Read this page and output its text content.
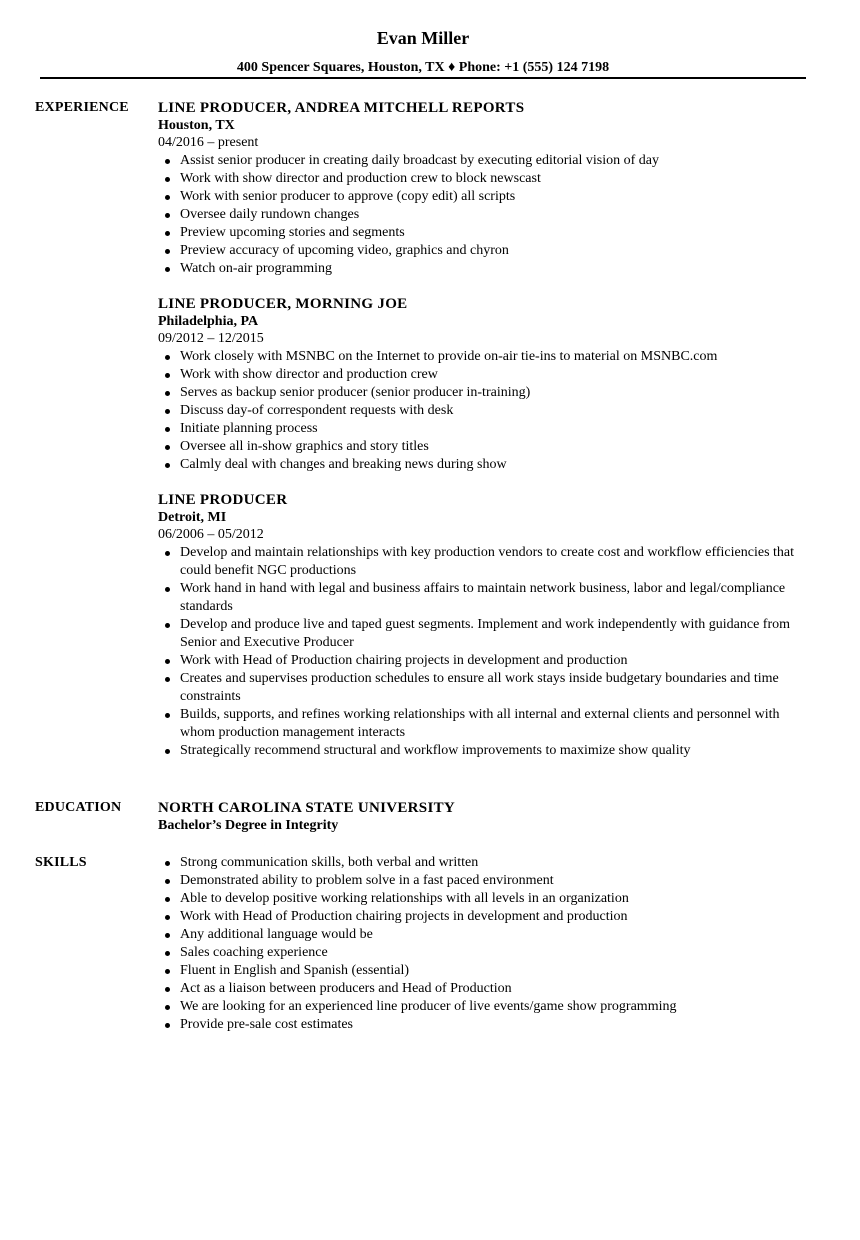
Evan Miller
400 Spencer Squares, Houston, TX ♦ Phone: +1 (555) 124 7198
EXPERIENCE LINE PRODUCER, ANDREA MITCHELL REPORTS
Houston, TX
04/2016 – present
Assist senior producer in creating daily broadcast by executing editorial vision of day
Work with show director and production crew to block newscast
Work with senior producer to approve (copy edit) all scripts
Oversee daily rundown changes
Preview upcoming stories and segments
Preview accuracy of upcoming video, graphics and chyron
Watch on-air programming
LINE PRODUCER, MORNING JOE
Philadelphia, PA
09/2012 – 12/2015
Work closely with MSNBC on the Internet to provide on-air tie-ins to material on MSNBC.com
Work with show director and production crew
Serves as backup senior producer (senior producer in-training)
Discuss day-of correspondent requests with desk
Initiate planning process
Oversee all in-show graphics and story titles
Calmly deal with changes and breaking news during show
LINE PRODUCER
Detroit, MI
06/2006 – 05/2012
Develop and maintain relationships with key production vendors to create cost and workflow efficiencies that could benefit NGC productions
Work hand in hand with legal and business affairs to maintain network business, labor and legal/compliance standards
Develop and produce live and taped guest segments. Implement and work independently with guidance from Senior and Executive Producer
Work with Head of Production chairing projects in development and production
Creates and supervises production schedules to ensure all work stays inside budgetary boundaries and time constraints
Builds, supports, and refines working relationships with all internal and external clients and personnel with whom production management interacts
Strategically recommend structural and workflow improvements to maximize show quality
EDUCATION NORTH CAROLINA STATE UNIVERSITY
Bachelor’s Degree in Integrity
SKILLS	Strong communication skills, both verbal and written
Demonstrated ability to problem solve in a fast paced environment
Able to develop positive working relationships with all levels in an organization
Work with Head of Production chairing projects in development and production
Any additional language would be
Sales coaching experience
Fluent in English and Spanish (essential)
Act as a liaison between producers and Head of Production
We are looking for an experienced line producer of live events/game show programming
Provide pre-sale cost estimates
